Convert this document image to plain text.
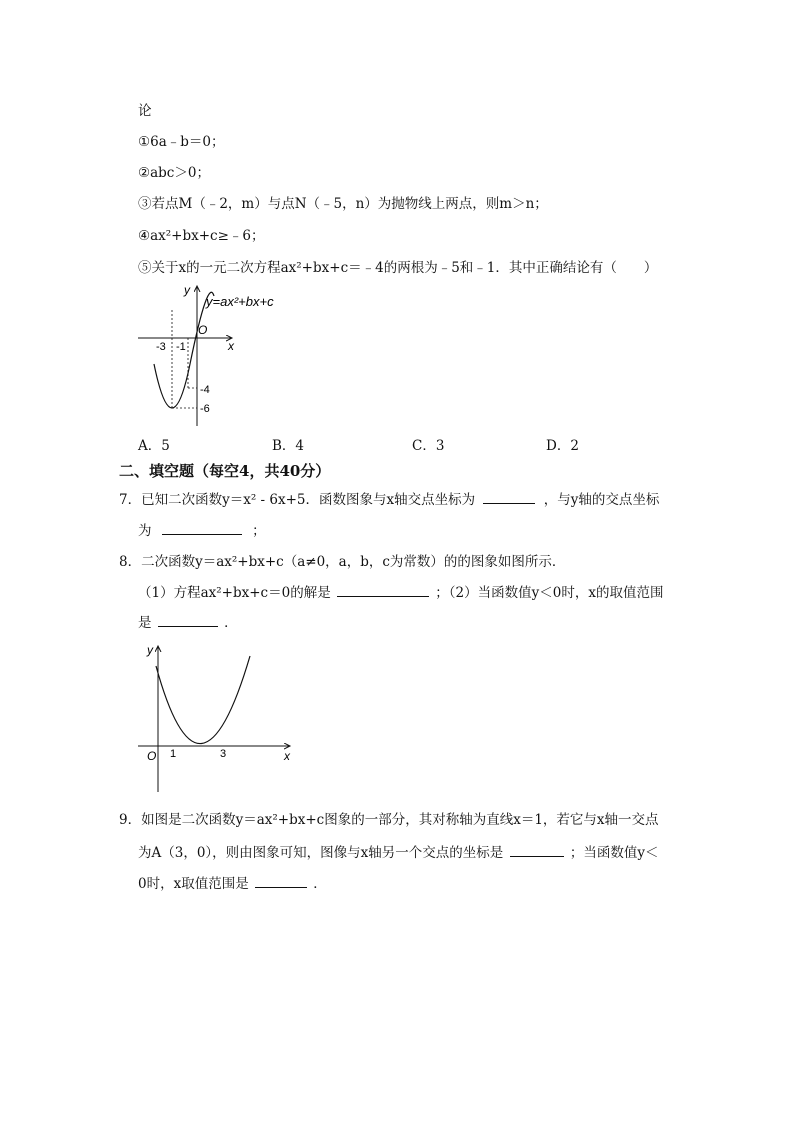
论
①6a﹣b＝0；
②abc＞0；
③若点M（﹣2，m）与点N（﹣5，n）为抛物线上两点，则m＞n；
④ax²+bx+c≥﹣6；
⑤关于x的一元二次方程ax²+bx+c＝﹣4的两根为﹣5和﹣1．其中正确结论有（　　）
y=ax²+bx+c
y
x
O
-3 -1
-4
-6
A．5	B．4	C．3	D．2
二、填空题（每空4，共40分）
7．已知二次函数y＝x² - 6x+5．函数图象与x轴交点坐标为	，与y轴的交点坐标
为	；
8．二次函数y＝ax²+bx+c（a≠0，a，b，c为常数）的的图象如图所示．
（1）方程ax²+bx+c＝0的解是	；（2）当函数值y＜0时，x的取值范围
是	．
y
x
O 1	3
9．如图是二次函数y＝ax²+bx+c图象的一部分，其对称轴为直线x＝1，若它与x轴一交点
为A（3，0），则由图象可知，图像与x轴另一个交点的坐标是	；当函数值y＜
0时，x取值范围是	．
